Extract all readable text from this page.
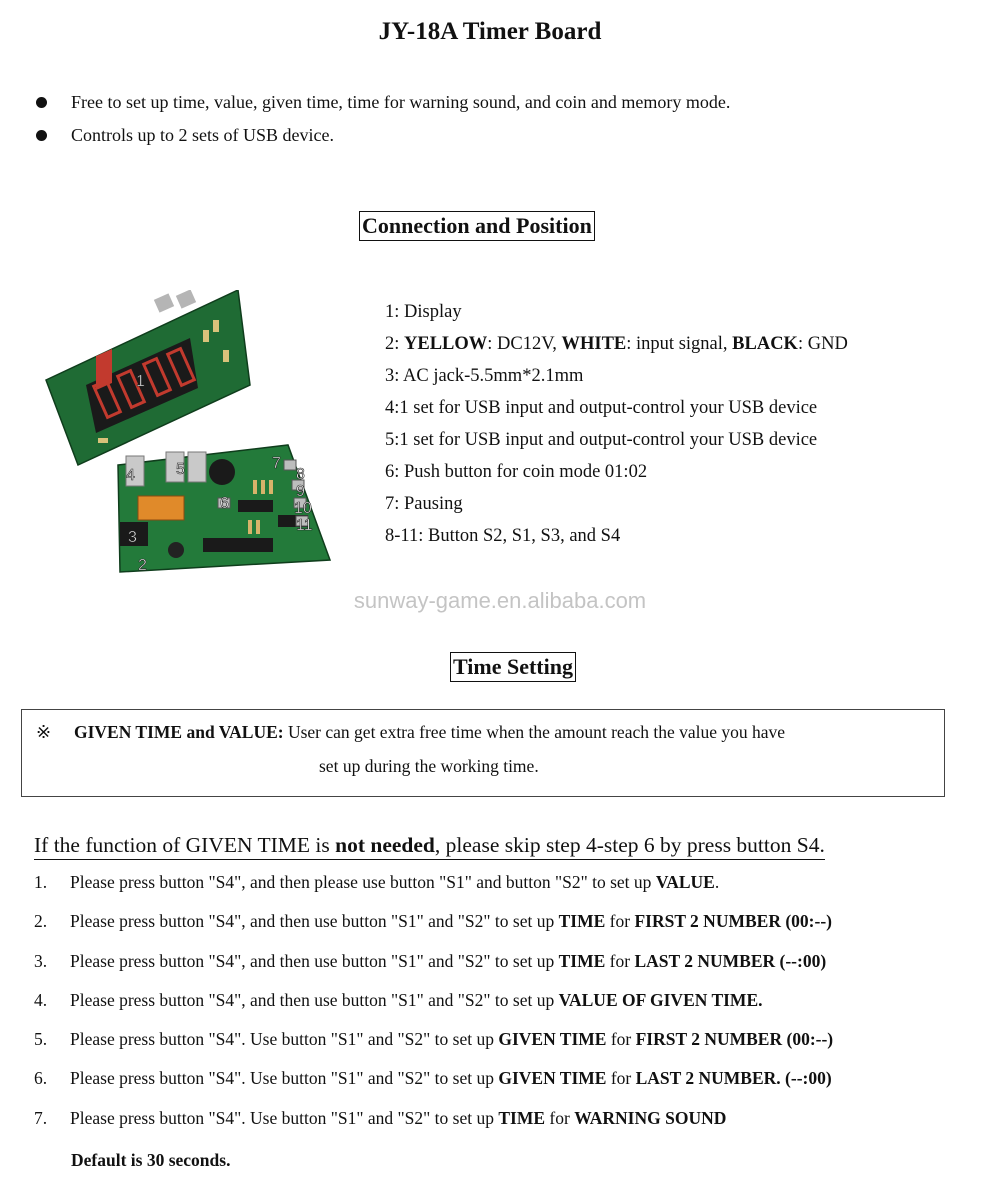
JY-18A Timer Board
Free to set up time, value, given time, time for warning sound, and coin and memory mode.
Controls up to 2 sets of USB device.
Connection and Position
1
2
3
4	5
6
7
8
9
10
11
1: Display
2: YELLOW: DC12V, WHITE: input signal, BLACK: GND
3: AC jack-5.5mm*2.1mm
4:1 set for USB input and output-control your USB device
5:1 set for USB input and output-control your USB device
6: Push button for coin mode 01:02
7: Pausing
8-11: Button S2, S1, S3, and S4
sunway-game.en.alibaba.com
Time Setting
※ GIVEN TIME and VALUE: User can get extra free time when the amount reach the value you have
set up during the working time.
If the function of GIVEN TIME is not needed, please skip step 4-step 6 by press button S4.
1.	Please press button "S4", and then please use button "S1" and button "S2" to set up VALUE.
2.	Please press button "S4", and then use button "S1" and "S2" to set up TIME for FIRST 2 NUMBER (00:--)
3.	Please press button "S4", and then use button "S1" and "S2" to set up TIME for LAST 2 NUMBER (--:00)
4.	Please press button "S4", and then use button "S1" and "S2" to set up VALUE OF GIVEN TIME.
5.	Please press button "S4". Use button "S1" and "S2" to set up GIVEN TIME for FIRST 2 NUMBER (00:--)
6.	Please press button "S4". Use button "S1" and "S2" to set up GIVEN TIME for LAST 2 NUMBER. (--:00)
7.	Please press button "S4". Use button "S1" and "S2" to set up TIME for WARNING SOUND
Default is 30 seconds.
